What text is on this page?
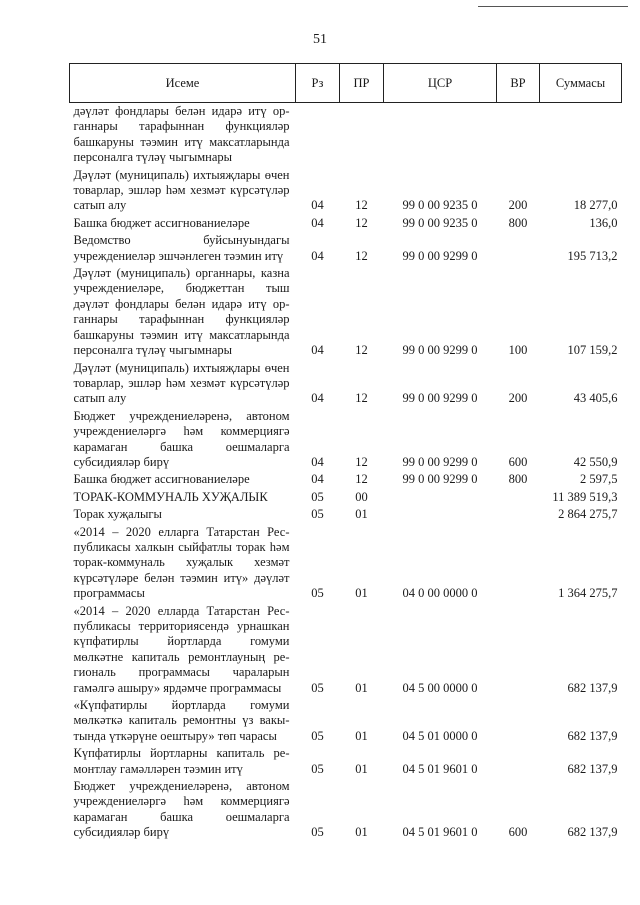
51
Исеме	Рз	ПР	ЦСР	ВР	Суммасы
дәүләт фондлары белән идарә итү ор-ганнары тарафыннан функцияләр башкаруны тәэмин итү максатларында персоналга түләү чыгымнары					
Дәүләт (муниципаль) ихтыяҗлары өчен товарлар, эшләр һәм хезмәт күрсәтүләр сатып алу	04	12	99 0 00 9235 0	200	18 277,0
Башка бюджет ассигнованиеләре	04	12	99 0 00 9235 0	800	136,0
Ведомство буйсынуындагы учреждениеләр эшчәнлеген тәэмин итү	04	12	99 0 00 9299 0		195 713,2
Дәүләт (муниципаль) органнары, казна учреждениеләре, бюджеттан тыш дәүләт фондлары белән идарә итү ор-ганнары тарафыннан функцияләр башкаруны тәэмин итү максатларында персоналга түләү чыгымнары	04	12	99 0 00 9299 0	100	107 159,2
Дәүләт (муниципаль) ихтыяҗлары өчен товарлар, эшләр һәм хезмәт күрсәтүләр сатып алу	04	12	99 0 00 9299 0	200	43 405,6
Бюджет учреждениеләренә, автоном учреждениеләргә һәм коммерциягә карамаган башка оешмаларга субсидияләр бирү	04	12	99 0 00 9299 0	600	42 550,9
Башка бюджет ассигнованиеләре	04	12	99 0 00 9299 0	800	2 597,5
ТОРАК-КОММУНАЛЬ ХУҖАЛЫК	05	00			11 389 519,3
Торак хуҗалыгы	05	01			2 864 275,7
«2014 – 2020 елларга Татарстан Рес-публикасы халкын сыйфатлы торак һәм торак-коммуналь хуҗалык хезмәт күрсәтүләре белән тәэмин итү» дәүләт программасы	05	01	04 0 00 0000 0		1 364 275,7
«2014 – 2020 елларда Татарстан Рес-публикасы территориясендә урнашкан күпфатирлы йортларда гомуми мөлкәтне капиталь ремонтлауның ре-гиональ программасы чараларын гамәлгә ашыру» ярдәмче программасы	05	01	04 5 00 0000 0		682 137,9
«Күпфатирлы йортларда гомуми мөлкәткә капиталь ремонтны үз вакы-тында үткәрүне оештыру» төп чарасы	05	01	04 5 01 0000 0		682 137,9
Күпфатирлы йортларны капиталь ре-монтлау гамәлләрен тәэмин итү	05	01	04 5 01 9601 0		682 137,9
Бюджет учреждениеләренә, автоном учреждениеләргә һәм коммерциягә карамаган башка оешмаларга субсидияләр бирү	05	01	04 5 01 9601 0	600	682 137,9
